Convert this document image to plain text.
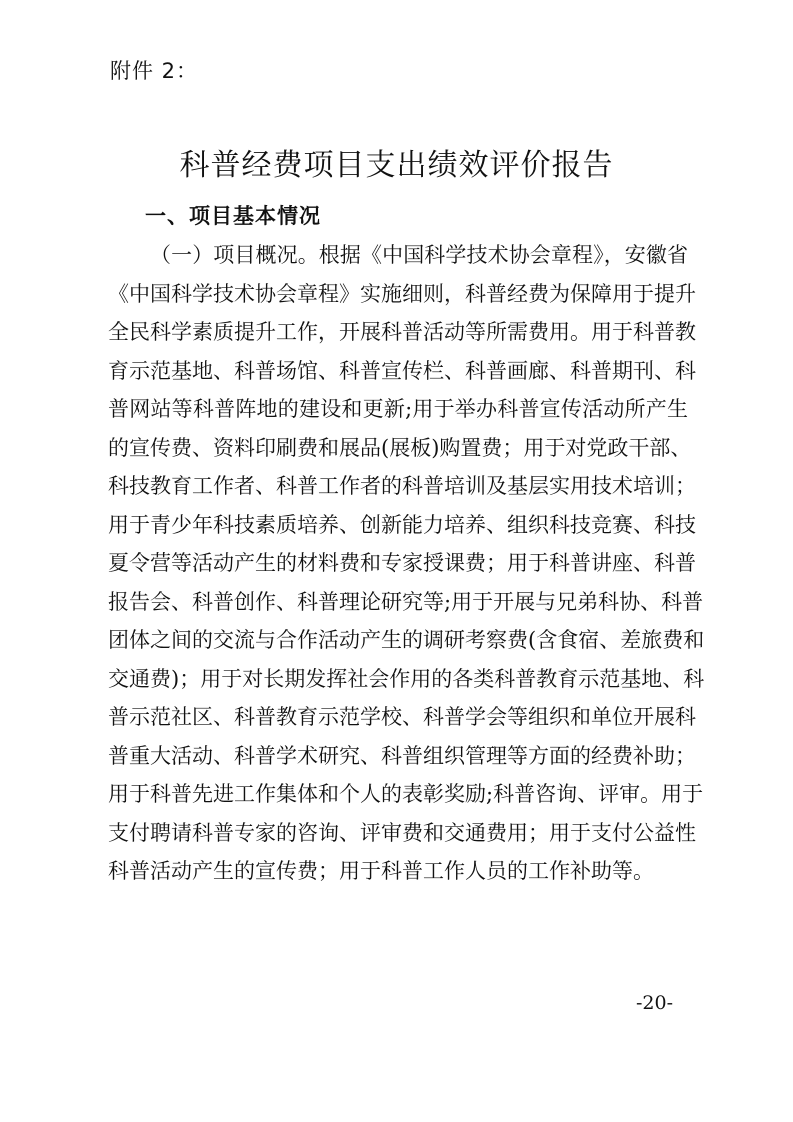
附件 2：
科普经费项目支出绩效评价报告
一、项目基本情况
（一）项目概况。根据《中国科学技术协会章程》，安徽省
《中国科学技术协会章程》实施细则，科普经费为保障用于提升
全民科学素质提升工作，开展科普活动等所需费用。用于科普教
育示范基地、科普场馆、科普宣传栏、科普画廊、科普期刊、科
普网站等科普阵地的建设和更新;用于举办科普宣传活动所产生
的宣传费、资料印刷费和展品(展板)购置费；用于对党政干部、
科技教育工作者、科普工作者的科普培训及基层实用技术培训；
用于青少年科技素质培养、创新能力培养、组织科技竞赛、科技
夏令营等活动产生的材料费和专家授课费；用于科普讲座、科普
报告会、科普创作、科普理论研究等;用于开展与兄弟科协、科普
团体之间的交流与合作活动产生的调研考察费(含食宿、差旅费和
交通费)；用于对长期发挥社会作用的各类科普教育示范基地、科
普示范社区、科普教育示范学校、科普学会等组织和单位开展科
普重大活动、科普学术研究、科普组织管理等方面的经费补助；
用于科普先进工作集体和个人的表彰奖励;科普咨询、评审。用于
支付聘请科普专家的咨询、评审费和交通费用；用于支付公益性
科普活动产生的宣传费；用于科普工作人员的工作补助等。
-20-
